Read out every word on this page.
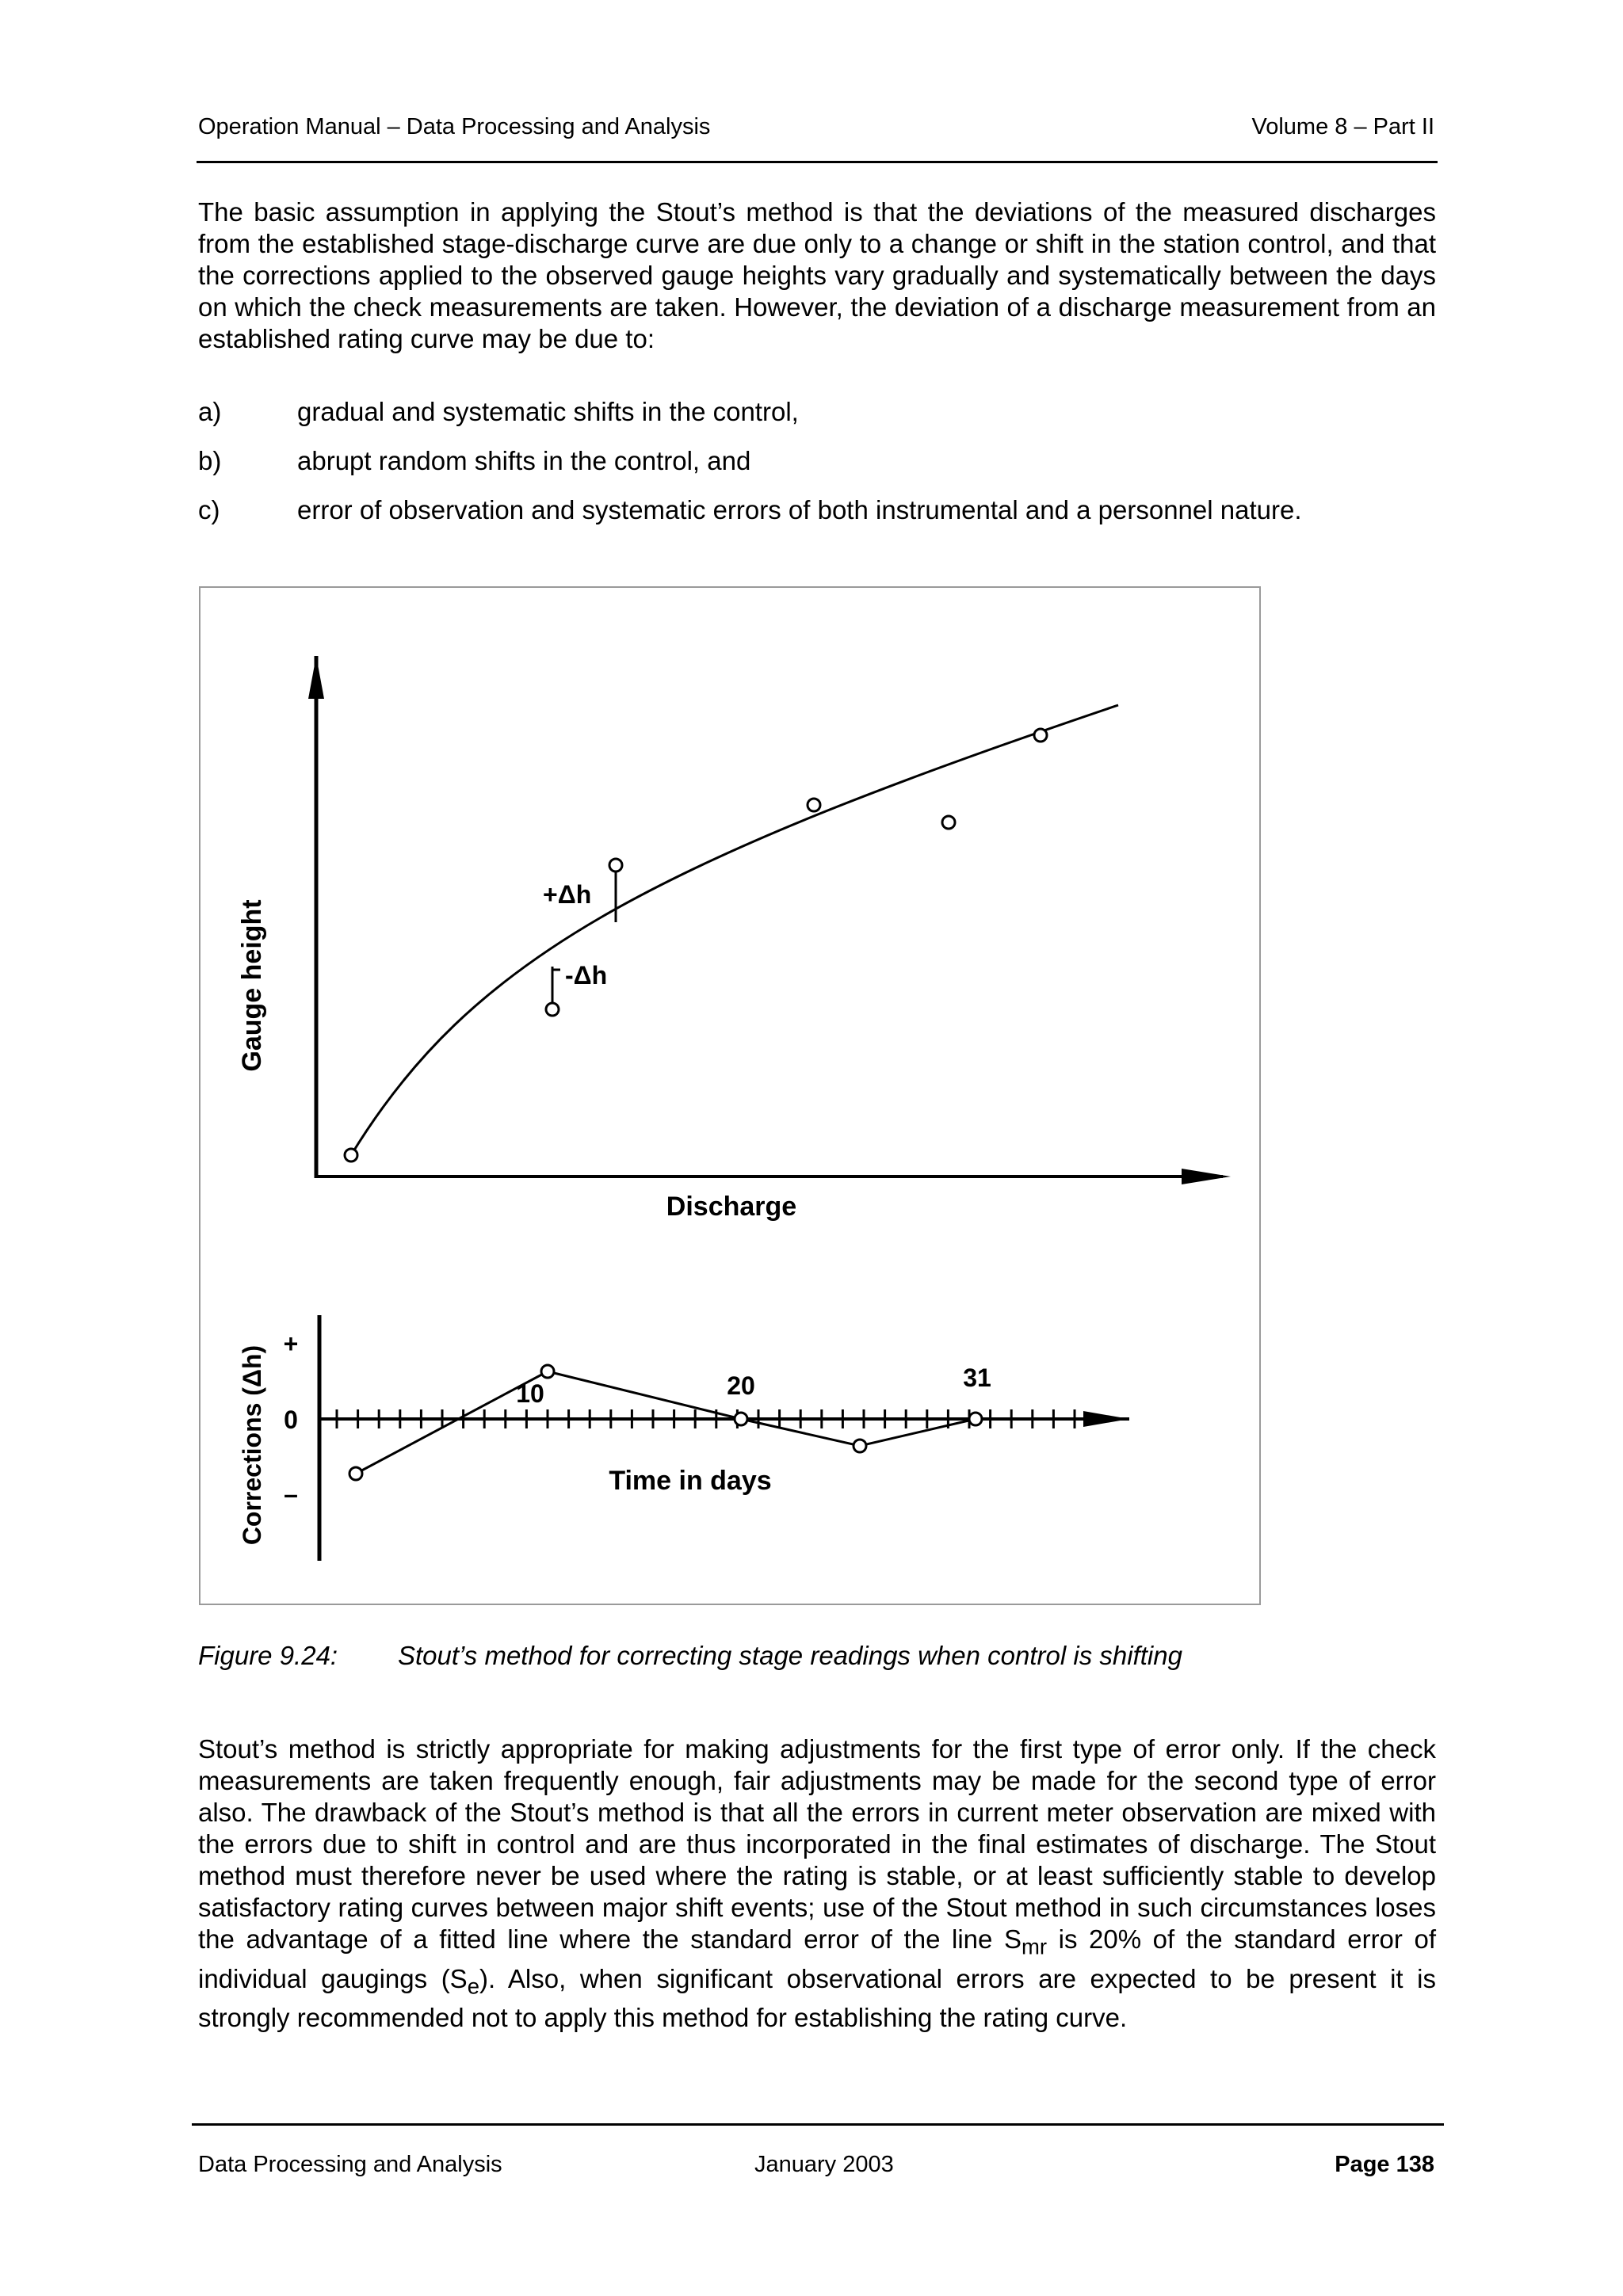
Operation Manual – Data Processing and Analysis	Volume 8 – Part II

The basic assumption in applying the Stout’s method is that the deviations of the measured discharges from the established stage-discharge curve are due only to a change or shift in the station control, and that the corrections applied to the observed gauge heights vary gradually and systematically between the days on which the check measurements are taken. However, the deviation of a discharge measurement from an established rating curve may be due to:

a)	gradual and systematic shifts in the control,
b)	abrupt random shifts in the control, and
c)	error of observation and systematic errors of both instrumental and a personnel nature.
Gauge height
Discharge
+Δh
-Δh
Corrections (Δh)
+
0
–
10	20	31
Time in days
Figure 9.24: Stout’s method for correcting stage readings when control is shifting

Stout’s method is strictly appropriate for making adjustments for the first type of error only. If the check measurements are taken frequently enough, fair adjustments may be made for the second type of error also. The drawback of the Stout’s method is that all the errors in current meter observation are mixed with the errors due to shift in control and are thus incorporated in the final estimates of discharge. The Stout method must therefore never be used where the rating is stable, or at least sufficiently stable to develop satisfactory rating curves between major shift events; use of the Stout method in such circumstances loses the advantage of a fitted line where the standard error of the line $S_{mr}$ is 20% of the standard error of individual gaugings $(S_e)$. Also, when significant observational errors are expected to be present it is strongly recommended not to apply this method for establishing the rating curve.

Data Processing and Analysis	January 2003	Page 138
